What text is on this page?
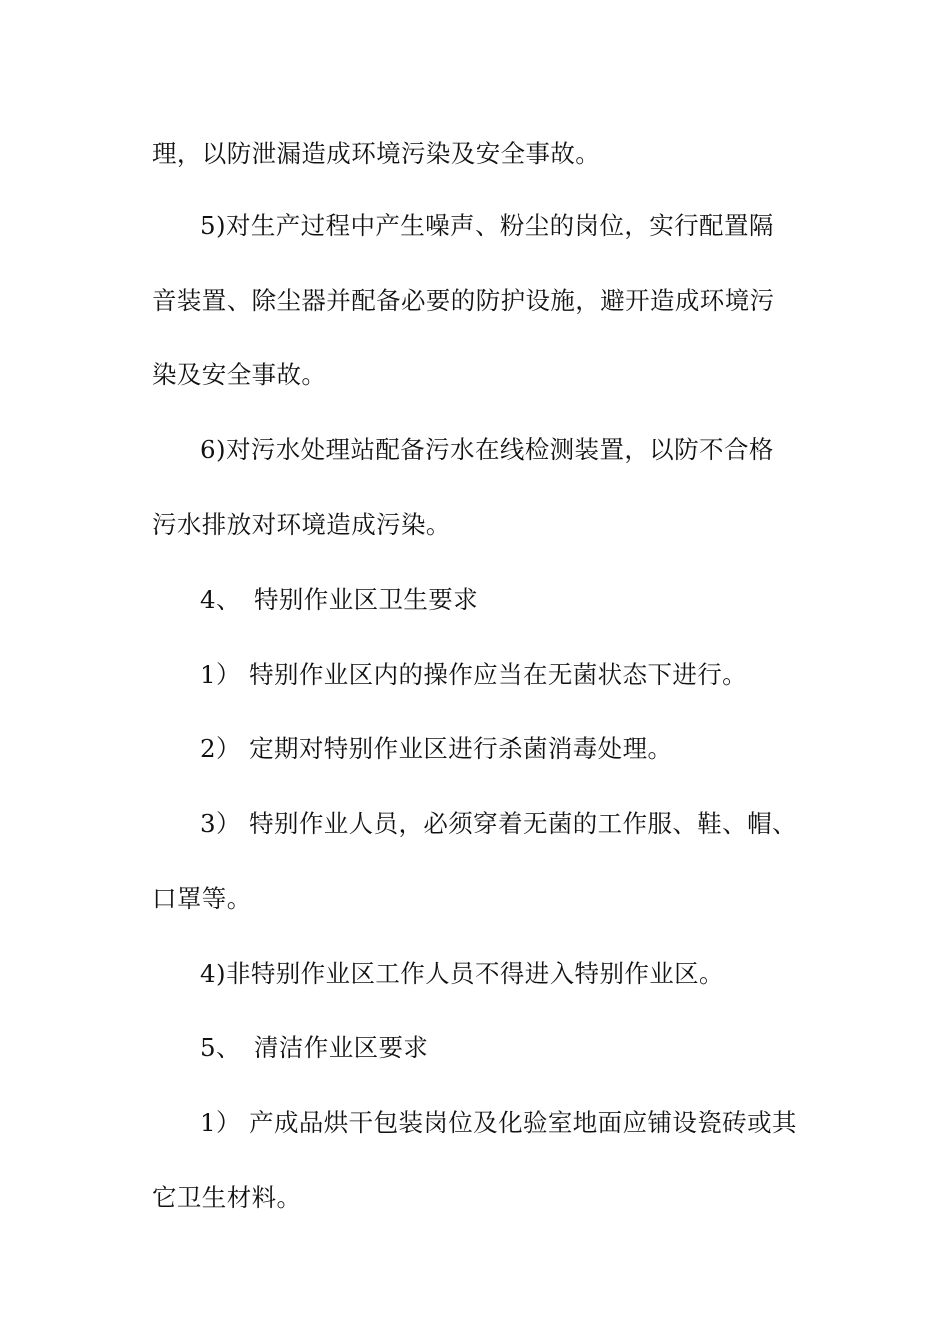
理，以防泄漏造成环境污染及安全事故。
5)对生产过程中产生噪声、粉尘的岗位，实行配置隔
音装置、除尘器并配备必要的防护设施，避开造成环境污
染及安全事故。
6)对污水处理站配备污水在线检测装置，以防不合格
污水排放对环境造成污染。
4、 特别作业区卫生要求
1） 特别作业区内的操作应当在无菌状态下进行。
2） 定期对特别作业区进行杀菌消毒处理。
3） 特别作业人员，必须穿着无菌的工作服、鞋、帽、
口罩等。
4)非特别作业区工作人员不得进入特别作业区。
5、 清洁作业区要求
1） 产成品烘干包装岗位及化验室地面应铺设瓷砖或其
它卫生材料。
